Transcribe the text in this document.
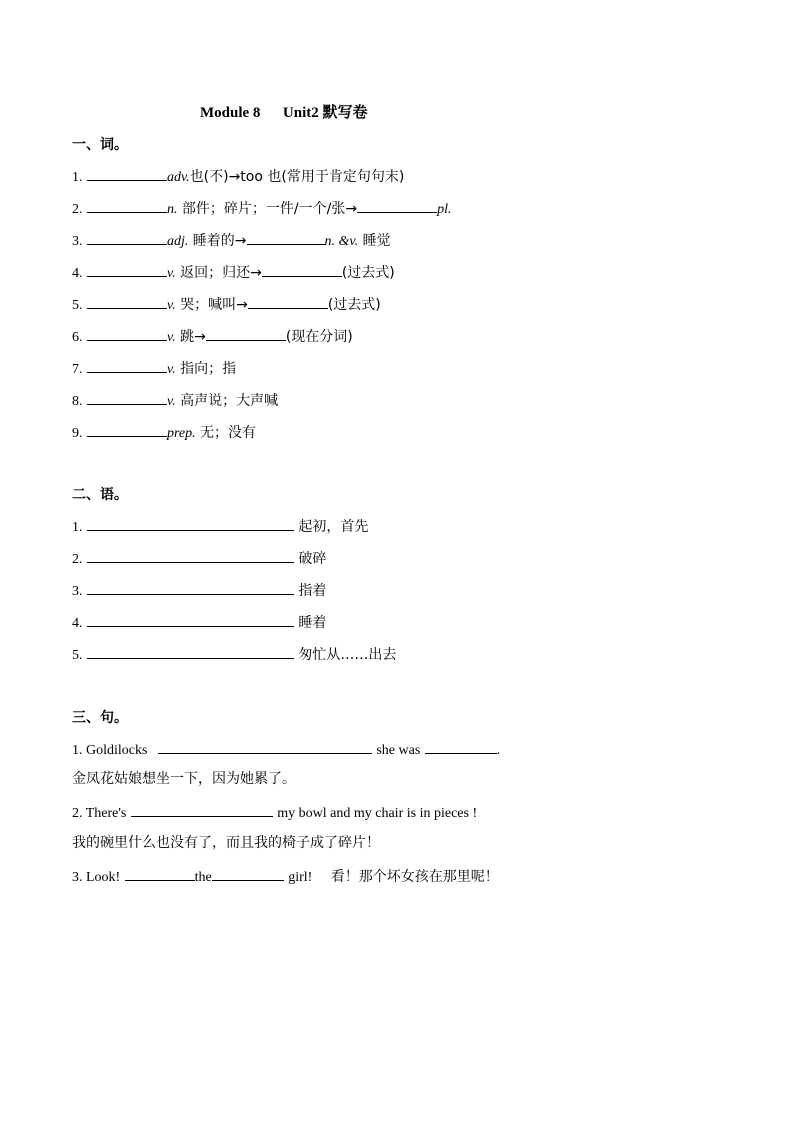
Module 8      Unit2 默写卷
一、词。
1.	adv.也(不)→too 也(常用于肯定句句末)
2.	n. 部件；碎片；一件/一个/张→	pl.
3.	adj. 睡着的→	n. &v. 睡觉
4.	v. 返回；归还→	(过去式)
5.	v. 哭；喊叫→	(过去式)
6.	v. 跳→	(现在分词)
7.	v. 指向；指
8.	v. 高声说；大声喊
9.	prep. 无；没有
二、语。
1.	起初，首先
2.	破碎
3.	指着
4.	睡着
5.	匆忙从……出去
三、句。
1. Goldilocks	she was	.
金凤花姑娘想坐一下，因为她累了。
2. There's	my bowl and my chair is in pieces !
我的碗里什么也没有了，而且我的椅子成了碎片！
3. Look!	the	girl! 看！那个坏女孩在那里呢！
